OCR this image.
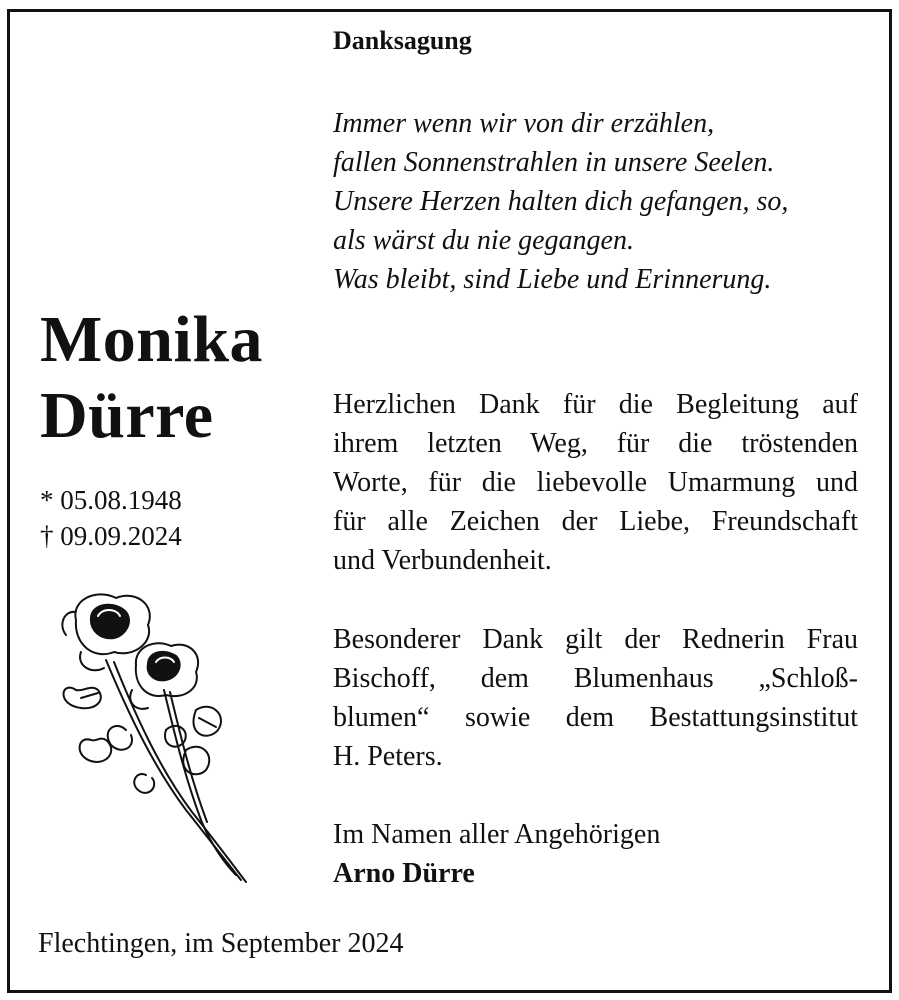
Danksagung
Immer wenn wir von dir erzählen,
fallen Sonnenstrahlen in unsere Seelen.
Unsere Herzen halten dich gefangen, so,
als wärst du nie gegangen.
Was bleibt, sind Liebe und Erinnerung.
Monika
Dürre
* 05.08.1948
† 09.09.2024
Herzlichen Dank für die Begleitung auf
ihrem letzten Weg, für die tröstenden
Worte, für die liebevolle Umarmung und
für alle Zeichen der Liebe, Freundschaft
und Verbundenheit.
Besonderer Dank gilt der Rednerin Frau
Bischoff, dem Blumenhaus „Schloß-
blumen“ sowie dem Bestattungsinstitut
H. Peters.
Im Namen aller Angehörigen
Arno Dürre
Flechtingen, im September 2024
